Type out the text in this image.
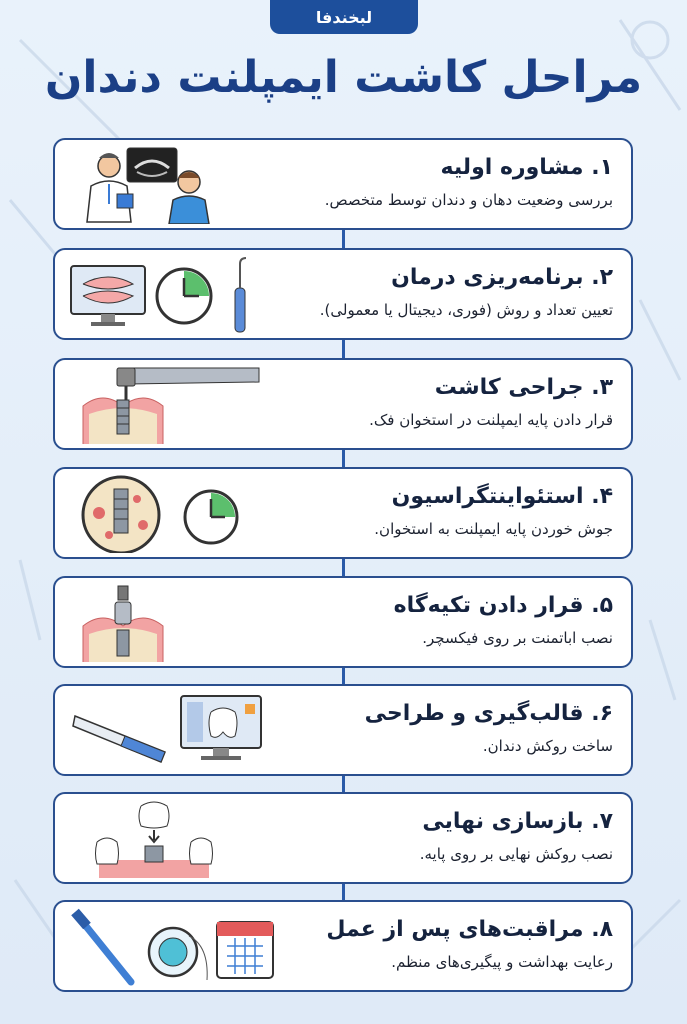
لبخندفا
مراحل کاشت ایمپلنت دندان
۱. مشاوره اولیه
بررسی وضعیت دهان و دندان توسط متخصص.
۲. برنامه‌ریزی درمان
تعیین تعداد و روش (فوری، دیجیتال یا معمولی).
۳. جراحی کاشت
قرار دادن پایه ایمپلنت در استخوان فک.
۴. استئواینتگراسیون
جوش خوردن پایه ایمپلنت به استخوان.
۵. قرار دادن تکیه‌گاه
نصب اباتمنت بر روی فیکسچر.
۶. قالب‌گیری و طراحی
ساخت روکش دندان.
۷. بازسازی نهایی
نصب روکش نهایی بر روی پایه.
۸. مراقبت‌های پس از عمل
رعایت بهداشت و پیگیری‌های منظم.
